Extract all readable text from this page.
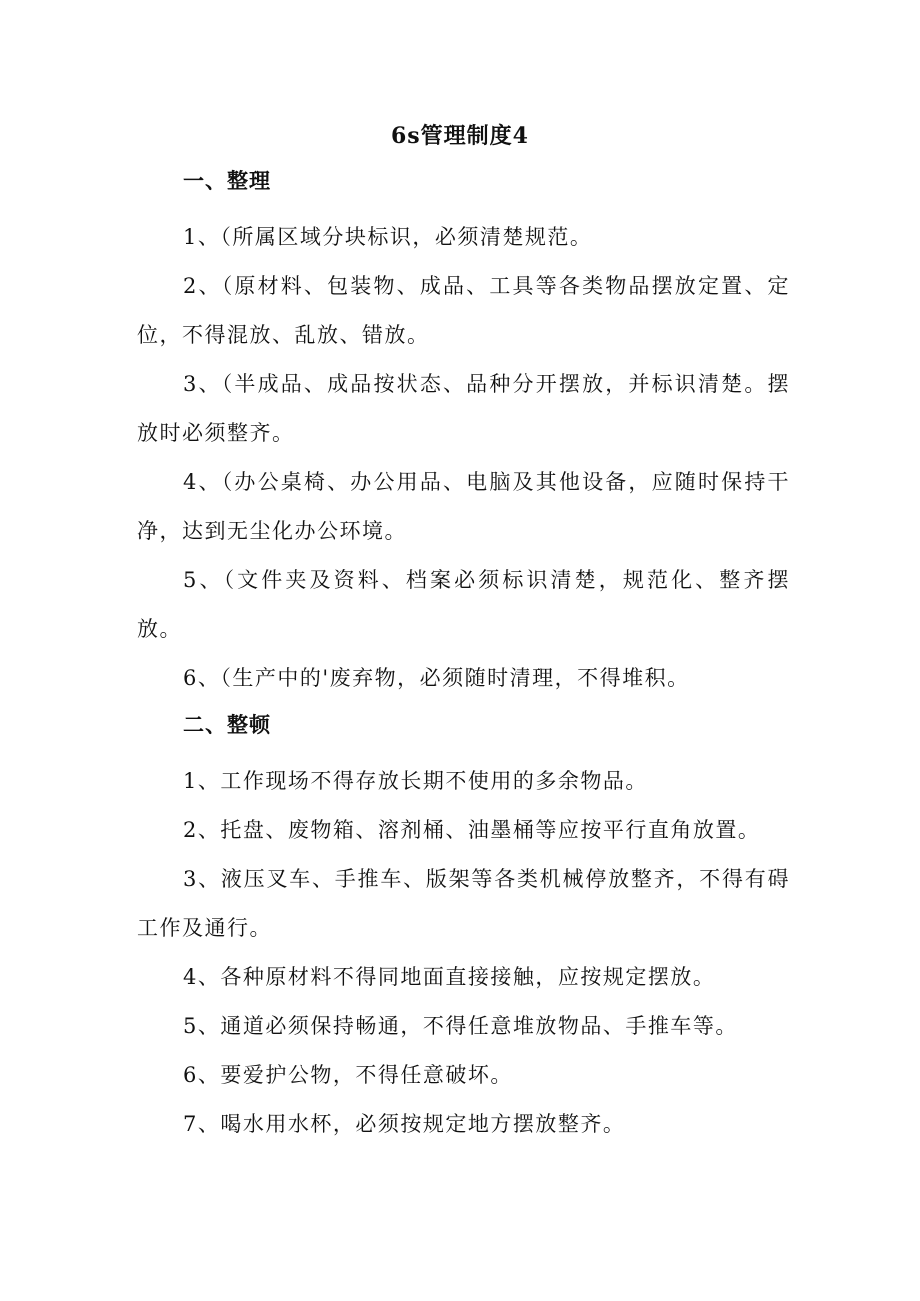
6s管理制度4
一、整理

1、（所属区域分块标识，必须清楚规范。

2、（原材料、包装物、成品、工具等各类物品摆放定置、定位，不得混放、乱放、错放。

3、（半成品、成品按状态、品种分开摆放，并标识清楚。摆放时必须整齐。

4、（办公桌椅、办公用品、电脑及其他设备，应随时保持干净，达到无尘化办公环境。

5、（文件夹及资料、档案必须标识清楚，规范化、整齐摆放。

6、（生产中的'废弃物，必须随时清理，不得堆积。

二、整顿

1、工作现场不得存放长期不使用的多余物品。

2、托盘、废物箱、溶剂桶、油墨桶等应按平行直角放置。

3、液压叉车、手推车、版架等各类机械停放整齐，不得有碍工作及通行。

4、各种原材料不得同地面直接接触，应按规定摆放。

5、通道必须保持畅通，不得任意堆放物品、手推车等。

6、要爱护公物，不得任意破坏。

7、喝水用水杯，必须按规定地方摆放整齐。
